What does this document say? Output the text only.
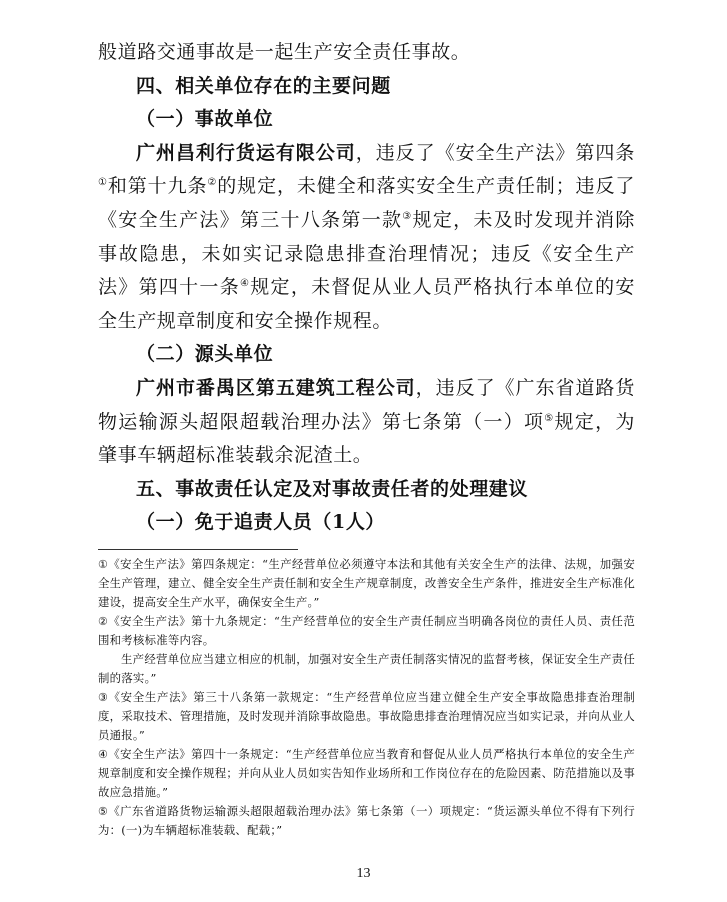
般道路交通事故是一起生产安全责任事故。
四、相关单位存在的主要问题
（一）事故单位
广州昌利行货运有限公司，违反了《安全生产法》第四条①和第十九条②的规定，未健全和落实安全生产责任制；违反了《安全生产法》第三十八条第一款③规定，未及时发现并消除事故隐患，未如实记录隐患排查治理情况；违反《安全生产法》第四十一条④规定，未督促从业人员严格执行本单位的安全生产规章制度和安全操作规程。
（二）源头单位
广州市番禺区第五建筑工程公司，违反了《广东省道路货物运输源头超限超载治理办法》第七条第（一）项⑤规定，为肇事车辆超标准装载余泥渣土。
五、事故责任认定及对事故责任者的处理建议
（一）免于追责人员（1人）

①《安全生产法》第四条规定：“生产经营单位必须遵守本法和其他有关安全生产的法律、法规，加强安全生产管理，建立、健全安全生产责任制和安全生产规章制度，改善安全生产条件，推进安全生产标准化建设，提高安全生产水平，确保安全生产。”

②《安全生产法》第十九条规定：“生产经营单位的安全生产责任制应当明确各岗位的责任人员、责任范围和考核标准等内容。

生产经营单位应当建立相应的机制，加强对安全生产责任制落实情况的监督考核，保证安全生产责任制的落实。”

③《安全生产法》第三十八条第一款规定：“生产经营单位应当建立健全生产安全事故隐患排查治理制度，采取技术、管理措施，及时发现并消除事故隐患。事故隐患排查治理情况应当如实记录，并向从业人员通报。”

④《安全生产法》第四十一条规定：“生产经营单位应当教育和督促从业人员严格执行本单位的安全生产规章制度和安全操作规程；并向从业人员如实告知作业场所和工作岗位存在的危险因素、防范措施以及事故应急措施。”

⑤《广东省道路货物运输源头超限超载治理办法》第七条第（一）项规定：“货运源头单位不得有下列行为：(一)为车辆超标准装载、配载；”

13
